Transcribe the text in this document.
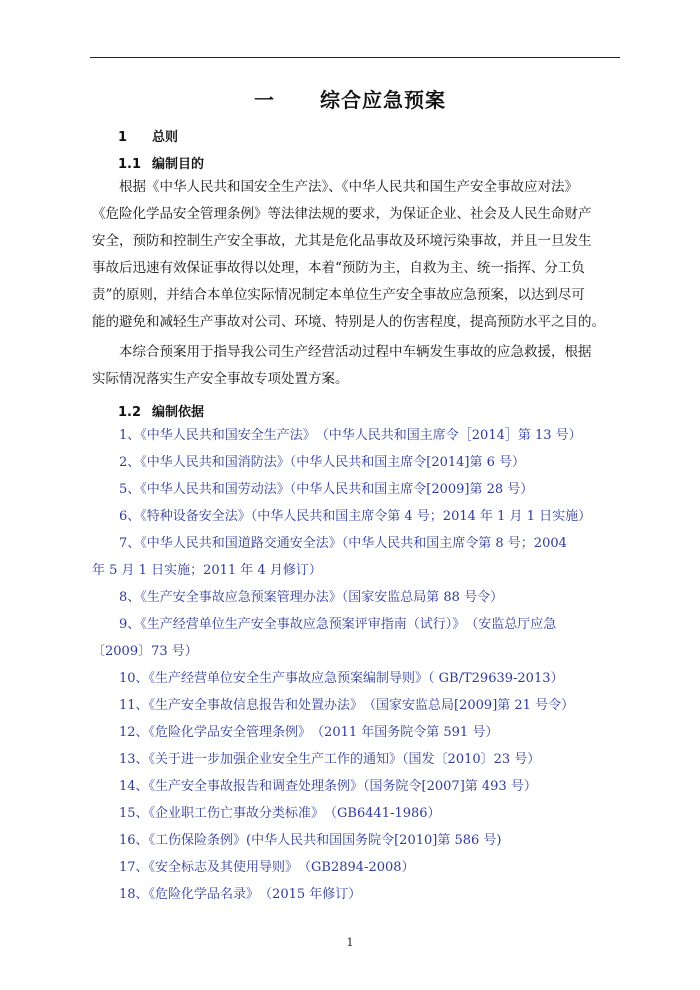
一 综合应急预案
1 总则
1.1 编制目的

根据《中华人民共和国安全生产法》、《中华人民共和国生产安全事故应对法》

《危险化学品安全管理条例》等法律法规的要求，为保证企业、社会及人民生命财产

安全，预防和控制生产安全事故，尤其是危化品事故及环境污染事故，并且一旦发生

事故后迅速有效保证事故得以处理，本着“预防为主，自救为主、统一指挥、分工负

责”的原则，并结合本单位实际情况制定本单位生产安全事故应急预案，以达到尽可

能的避免和减轻生产事故对公司、环境、特别是人的伤害程度，提高预防水平之目的。

本综合预案用于指导我公司生产经营活动过程中车辆发生事故的应急救援，根据

实际情况落实生产安全事故专项处置方案。

1.2 编制依据
1、《中华人民共和国安全生产法》　（中华人民共和国主席令［2014］第 13 号）
2、《中华人民共和国消防法》（中华人民共和国主席令[2014]第 6 号）
5、《中华人民共和国劳动法》（中华人民共和国主席令[2009]第 28 号）
6、《特种设备安全法》（中华人民共和国主席令第 4 号；2014 年 1 月 1 日实施）
7、《中华人民共和国道路交通安全法》（中华人民共和国主席令第 8 号；2004
年 5 月 1 日实施；2011 年 4 月修订）
8、《生产安全事故应急预案管理办法》（国家安监总局第 88 号令）
9、《生产经营单位生产安全事故应急预案评审指南（试行）》　（安监总厅应急
〔2009〕73 号）
10、《生产经营单位安全生产事故应急预案编制导则》（ GB/T29639-2013）
11、《生产安全事故信息报告和处置办法》　（国家安监总局[2009]第 21 号令）
12、《危险化学品安全管理条例》　（2011 年国务院令第 591 号）
13、《关于进一步加强企业安全生产工作的通知》（国发〔2010〕23 号）
14、《生产安全事故报告和调查处理条例》（国务院令[2007]第 493 号）
15、《企业职工伤亡事故分类标准》　（GB6441-1986）
16、《工伤保险条例》(中华人民共和国国务院令[2010]第 586 号)
17、《安全标志及其使用导则》　（GB2894-2008）
18、《危险化学品名录》　（2015 年修订）
1
